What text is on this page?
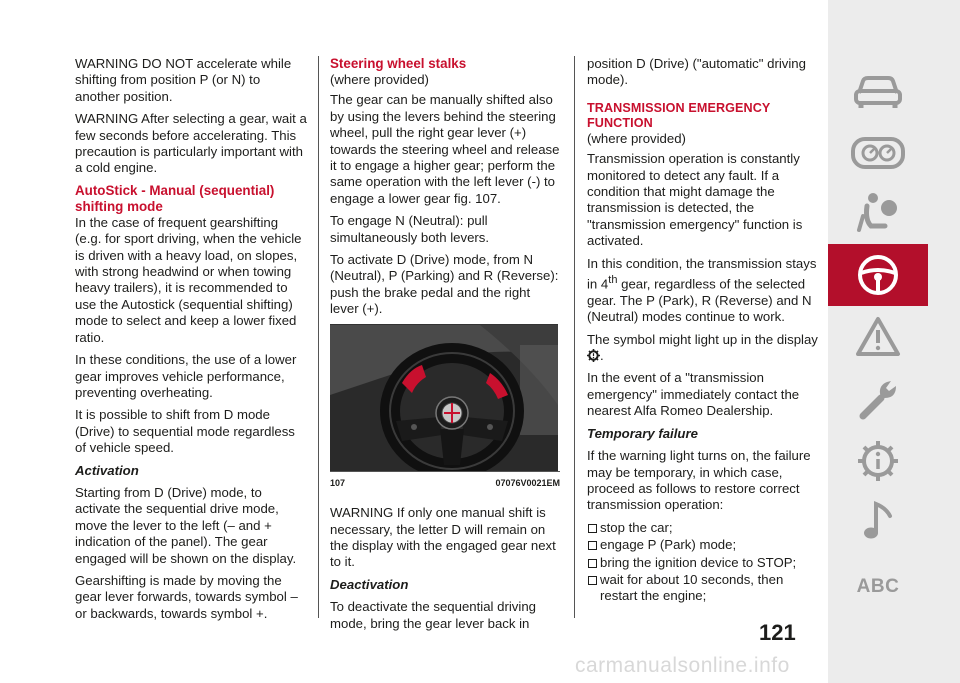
WARNING DO NOT accelerate while shifting from position P (or N) to another position.

WARNING After selecting a gear, wait a few seconds before accelerating. This precaution is particularly important with a cold engine.

AutoStick - Manual (sequential) shifting mode

In the case of frequent gearshifting (e.g. for sport driving, when the vehicle is driven with a heavy load, on slopes, with strong headwind or when towing heavy trailers), it is recommended to use the Autostick (sequential shifting) mode to select and keep a lower fixed ratio.

In these conditions, the use of a lower gear improves vehicle performance, preventing overheating.

It is possible to shift from D mode (Drive) to sequential mode regardless of vehicle speed.

Activation

Starting from D (Drive) mode, to activate the sequential drive mode, move the lever to the left (– and + indication of the panel). The gear engaged will be shown on the display.

Gearshifting is made by moving the gear lever forwards, towards symbol – or backwards, towards symbol +.

Steering wheel stalks

(where provided)

The gear can be manually shifted also by using the levers behind the steering wheel, pull the right gear lever (+) towards the steering wheel and release it to engage a higher gear; perform the same operation with the left lever (-) to engage a lower gear fig. 107.

To engage N (Neutral): pull simultaneously both levers.

To activate D (Drive) mode, from N (Neutral), P (Parking) and R (Reverse): push the brake pedal and the right lever (+).

107	07076V0021EM

WARNING If only one manual shift is necessary, the letter D will remain on the display with the engaged gear next to it.

Deactivation

To deactivate the sequential driving mode, bring the gear lever back in

position D (Drive) ("automatic" driving mode).

TRANSMISSION EMERGENCY FUNCTION

(where provided)

Transmission operation is constantly monitored to detect any fault. If a condition that might damage the transmission is detected, the "transmission emergency" function is activated.

In this condition, the transmission stays in 4th gear, regardless of the selected gear. The P (Park), R (Reverse) and N (Neutral) modes continue to work.

The symbol might light up in the display
.

In the event of a "transmission emergency" immediately contact the nearest Alfa Romeo Dealership.

Temporary failure

If the warning light turns on, the failure may be temporary, in which case, proceed as follows to restore correct transmission operation:

stop the car;
engage P (Park) mode;
bring the ignition device to STOP;
wait for about 10 seconds, then restart the engine;	ABC
121
carmanualsonline.info
